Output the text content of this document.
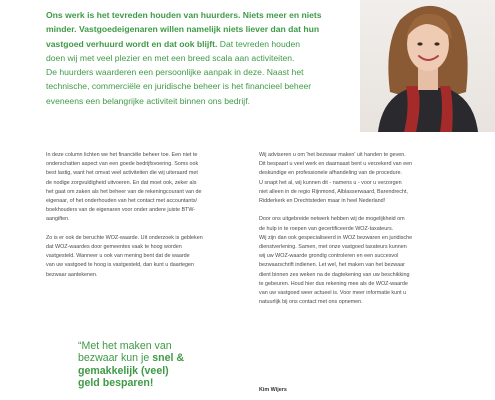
Ons werk is het tevreden houden van huurders. Niets meer en niets
minder. Vastgoedeigenaren willen namelijk niets liever dan dat hun
vastgoed verhuurd wordt en dat ook blijft. Dat tevreden houden
doen wij met veel plezier en met een breed scala aan activiteiten.
De huurders waarderen een persoonlijke aanpak in deze. Naast het
technische, commerciële en juridische beheer is het financieel beheer
eveneens een belangrijke activiteit binnen ons bedrijf.

In deze column lichten we het financiële beheer toe. Een niet te
onderschatten aspect van een goede bedrijfsvoering. Soms ook
best lastig, want het omvat veel activiteiten die wij uiteraard met
de nodige zorgvuldigheid uitvoeren. En dat moet ook, zeker als
het gaat om zaken als het beheer van de rekeningcourant van de
eigenaar, of het onderhouden van het contact met accountants/
boekhouders van de eigenaren voor onder andere juiste BTW-
aangiften.

Zo is er ook de beruchte WOZ-waarde. Uit onderzoek is gebleken
dat WOZ-waardes door gemeentes vaak te hoog worden
vastgesteld. Wanneer u ook van mening bent dat de waarde
van uw vastgoed te hoog is vastgesteld, dan kunt u daartegen
bezwaar aantekenen.

“Met het maken van
bezwaar kun je snel &
gemakkelijk (veel)
geld besparen!

Wij adviseren u om 'het bezwaar maken' uit handen te geven.
Dit bespaart u veel werk en daarnaast bent u verzekerd van een
deskundige en professionele afhandeling van de procedure.
U snapt het al, wij kunnen dit - namens u - voor u verzorgen
niet alleen in de regio Rijnmond, Alblasserwaard, Barendrecht,
Ridderkerk en Drechtsteden maar in heel Nederland!

Door ons uitgebreide netwerk hebben wij de mogelijkheid om
de hulp in te roepen van gecertificeerde WOZ-taxateurs.
Wij zijn dan ook gespecialiseerd in WOZ bezwaren en juridische
dienstverlening. Samen, met onze vastgoed taxateurs kunnen
wij uw WOZ-waarde grondig controleren en een succesvol
bezwaarschrift indienen. Let wel, het maken van het bezwaar
dient binnen zes weken na de dagtekening van uw beschikking
te gebeuren. Houd hier dus rekening mee als de WOZ-waarde
van uw vastgoed weer actueel is. Voor meer informatie kunt u
natuurlijk bij ons contact met ons opnemen.

Kim Wijers
